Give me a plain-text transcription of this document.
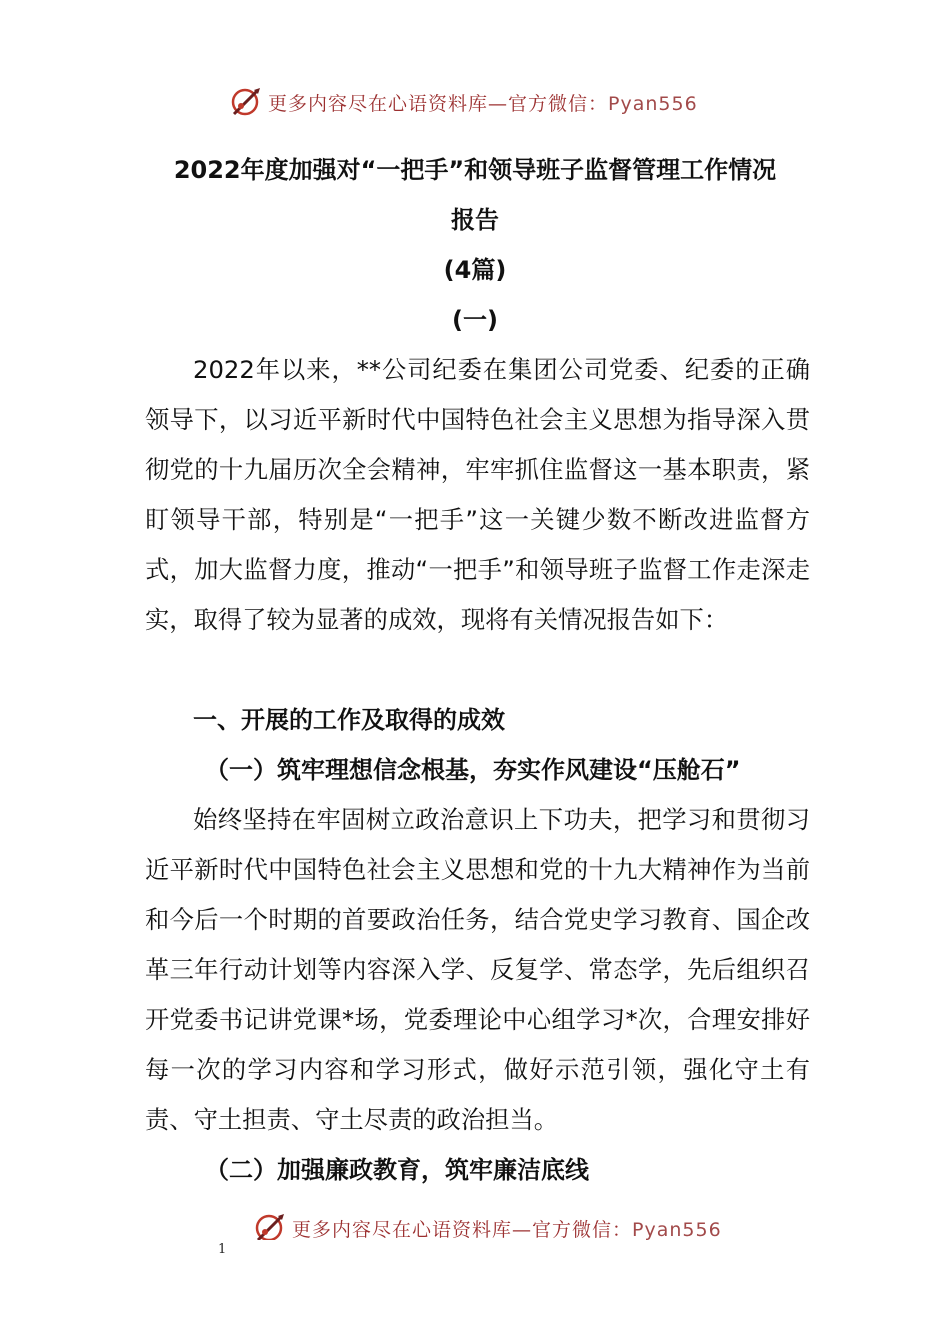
更多内容尽在心语资料库—官方微信：Pyan556
2022年度加强对“一把手”和领导班子监督管理工作情况
报告
(4篇)
(一)
2022年以来，**公司纪委在集团公司党委、纪委的正确领导下，以习近平新时代中国特色社会主义思想为指导深入贯彻党的十九届历次全会精神，牢牢抓住监督这一基本职责，紧盯领导干部，特别是“一把手”这一关键少数不断改进监督方式，加大监督力度，推动“一把手”和领导班子监督工作走深走实，取得了较为显著的成效，现将有关情况报告如下：
一、开展的工作及取得的成效
（一）筑牢理想信念根基，夯实作风建设“压舱石”
始终坚持在牢固树立政治意识上下功夫，把学习和贯彻习近平新时代中国特色社会主义思想和党的十九大精神作为当前和今后一个时期的首要政治任务，结合党史学习教育、国企改革三年行动计划等内容深入学、反复学、常态学，先后组织召开党委书记讲党课*场，党委理论中心组学习*次，合理安排好每一次的学习内容和学习形式，做好示范引领，强化守土有责、守土担责、守土尽责的政治担当。
（二）加强廉政教育，筑牢廉洁底线
更多内容尽在心语资料库—官方微信：Pyan556
1
